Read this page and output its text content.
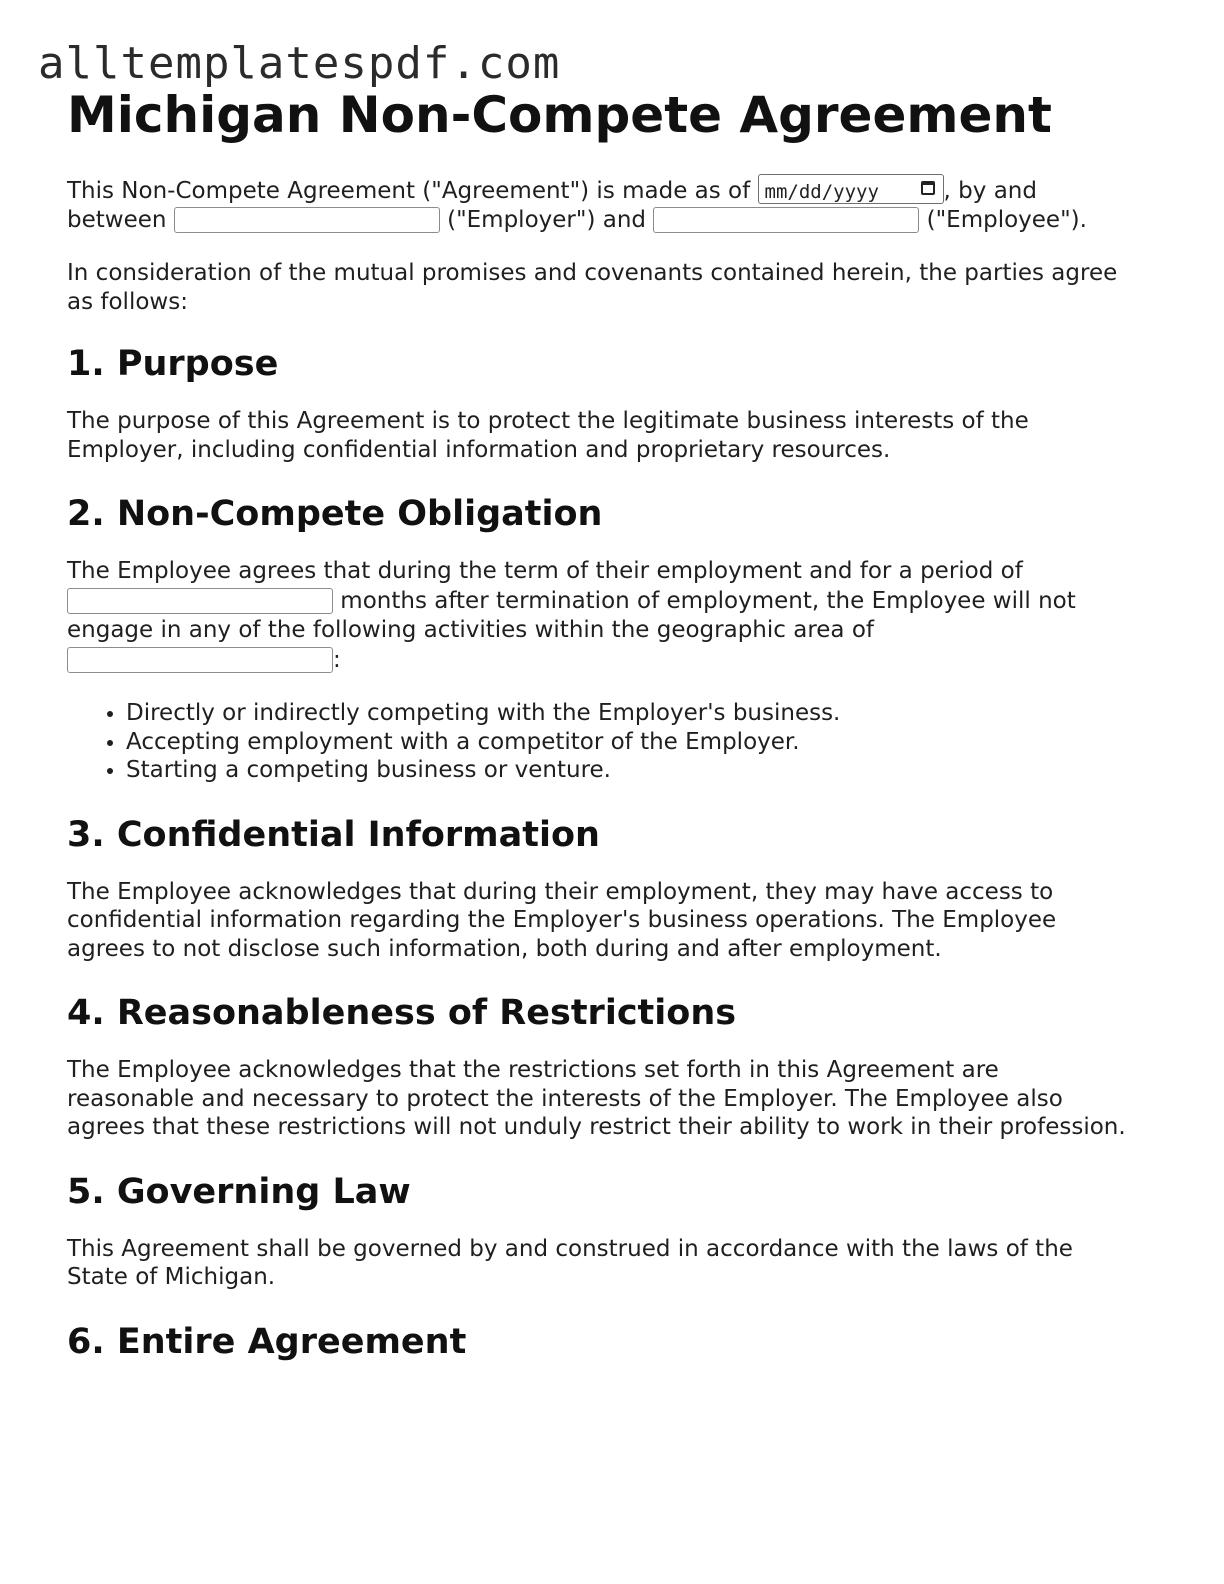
alltemplatespdf.com
Michigan Non-Compete Agreement

This Non-Compete Agreement ("Agreement") is made as of mm/dd/yyyy	, by and
between	("Employer") and	("Employee").

In consideration of the mutual promises and covenants contained herein, the parties agree as follows:

1. Purpose

The purpose of this Agreement is to protect the legitimate business interests of the Employer, including confidential information and proprietary resources.

2. Non-Compete Obligation

The Employee agrees that during the term of their employment and for a period of
months after termination of employment, the Employee will not engage in any of the following activities within the geographic area of
:

• Directly or indirectly competing with the Employer's business.
• Accepting employment with a competitor of the Employer.
• Starting a competing business or venture.
3. Confidential Information

The Employee acknowledges that during their employment, they may have access to confidential information regarding the Employer's business operations. The Employee agrees to not disclose such information, both during and after employment.

4. Reasonableness of Restrictions

The Employee acknowledges that the restrictions set forth in this Agreement are reasonable and necessary to protect the interests of the Employer. The Employee also agrees that these restrictions will not unduly restrict their ability to work in their profession.

5. Governing Law

This Agreement shall be governed by and construed in accordance with the laws of the State of Michigan.

6. Entire Agreement
